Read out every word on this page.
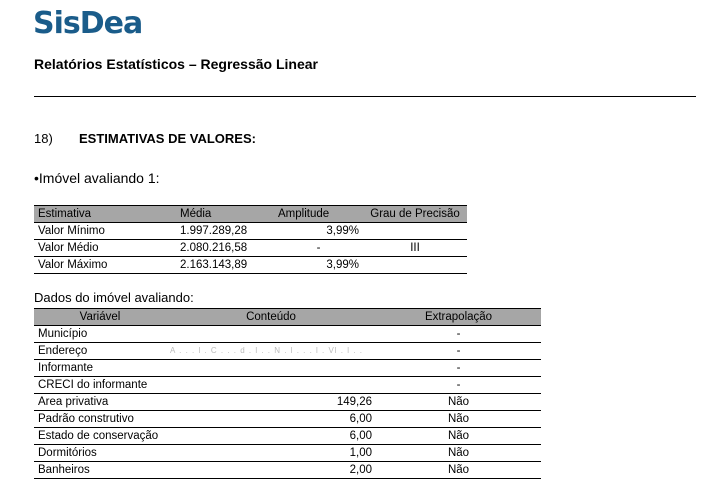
SisDea
Relatórios Estatísticos – Regressão Linear
18) ESTIMATIVAS DE VALORES:
•Imóvel avaliando 1:
Estimativa	Média	Amplitude	Grau de Precisão
Valor Mínimo	1.997.289,28	3,99%	
Valor Médio	2.080.216,58	-	III
Valor Máximo	2.163.143,89	3,99%	
Dados do imóvel avaliando:
Variável	Conteúdo	Extrapolação
Município		-
Endereço	A . . . l . C . . . d . l . . N . l . . . l . Vl . l . .	-
Informante		-
CRECI do informante		-
Area privativa	149,26	Não
Padrão construtivo	6,00	Não
Estado de conservação	6,00	Não
Dormitórios	1,00	Não
Banheiros	2,00	Não
